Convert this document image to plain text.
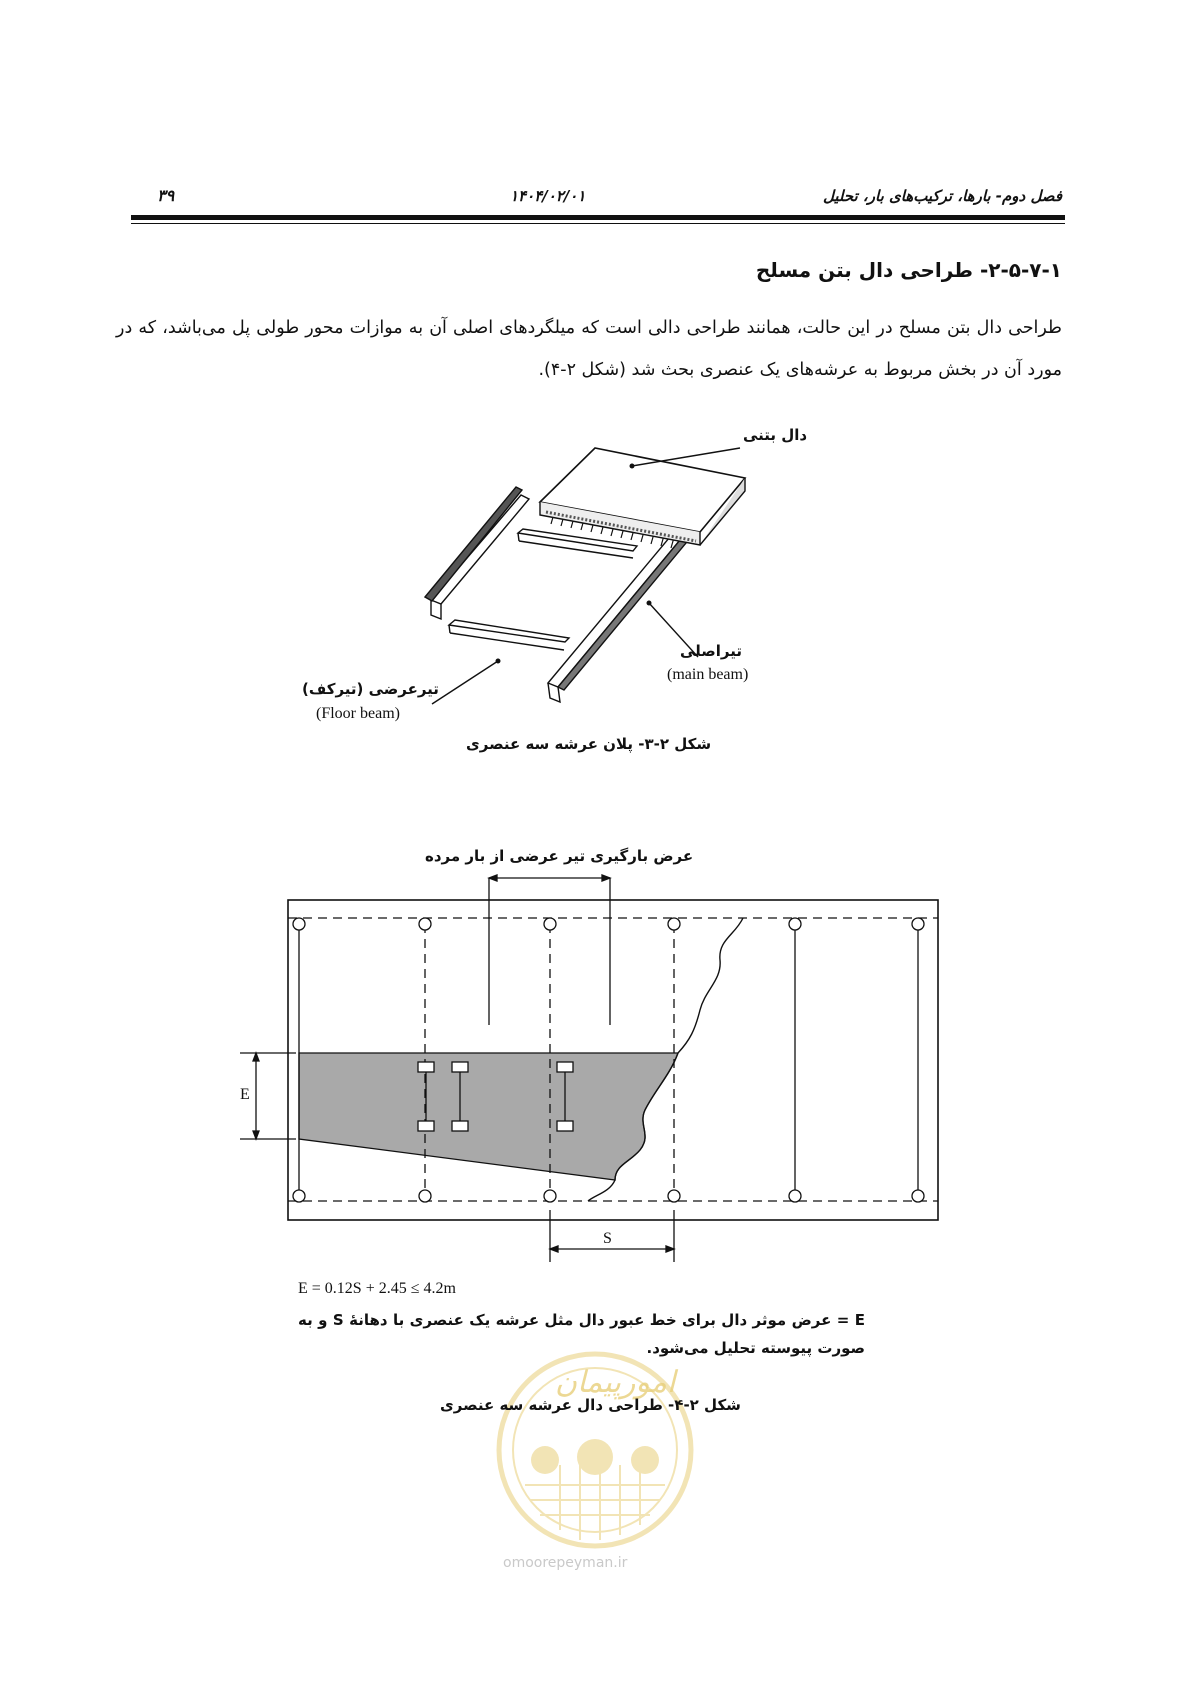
فصل دوم- بارها، ترکیب‌های بار، تحلیل
۱۴۰۴/۰۲/۰۱
۳۹
۲-۵-۷-۱- طراحی دال بتن مسلح
طراحی دال بتن مسلح در این حالت، همانند طراحی دالی است که میلگردهای اصلی آن به موازات محور طولی پل می‌باشد، که در مورد آن در بخش مربوط به عرشه‌های یک عنصری بحث شد (شکل ۲-۴).
دال بتنی
تیراصلی
(main beam)
تیرعرضی (تیرکف)
(Floor beam)
شکل ۲-۳- پلان عرشه سه عنصری
عرض بارگیری تیر عرضی از بار مرده
E
S
E = 0.12S + 2.45 ≤ 4.2m
E = عرض موثر دال برای خط عبور دال مثل عرشه یک عنصری با دهانهٔ S و به صورت پیوسته تحلیل می‌شود.
امورپیمان
شکل ۲-۴- طراحی دال عرشه سه عنصری
omoorepeyman.ir
